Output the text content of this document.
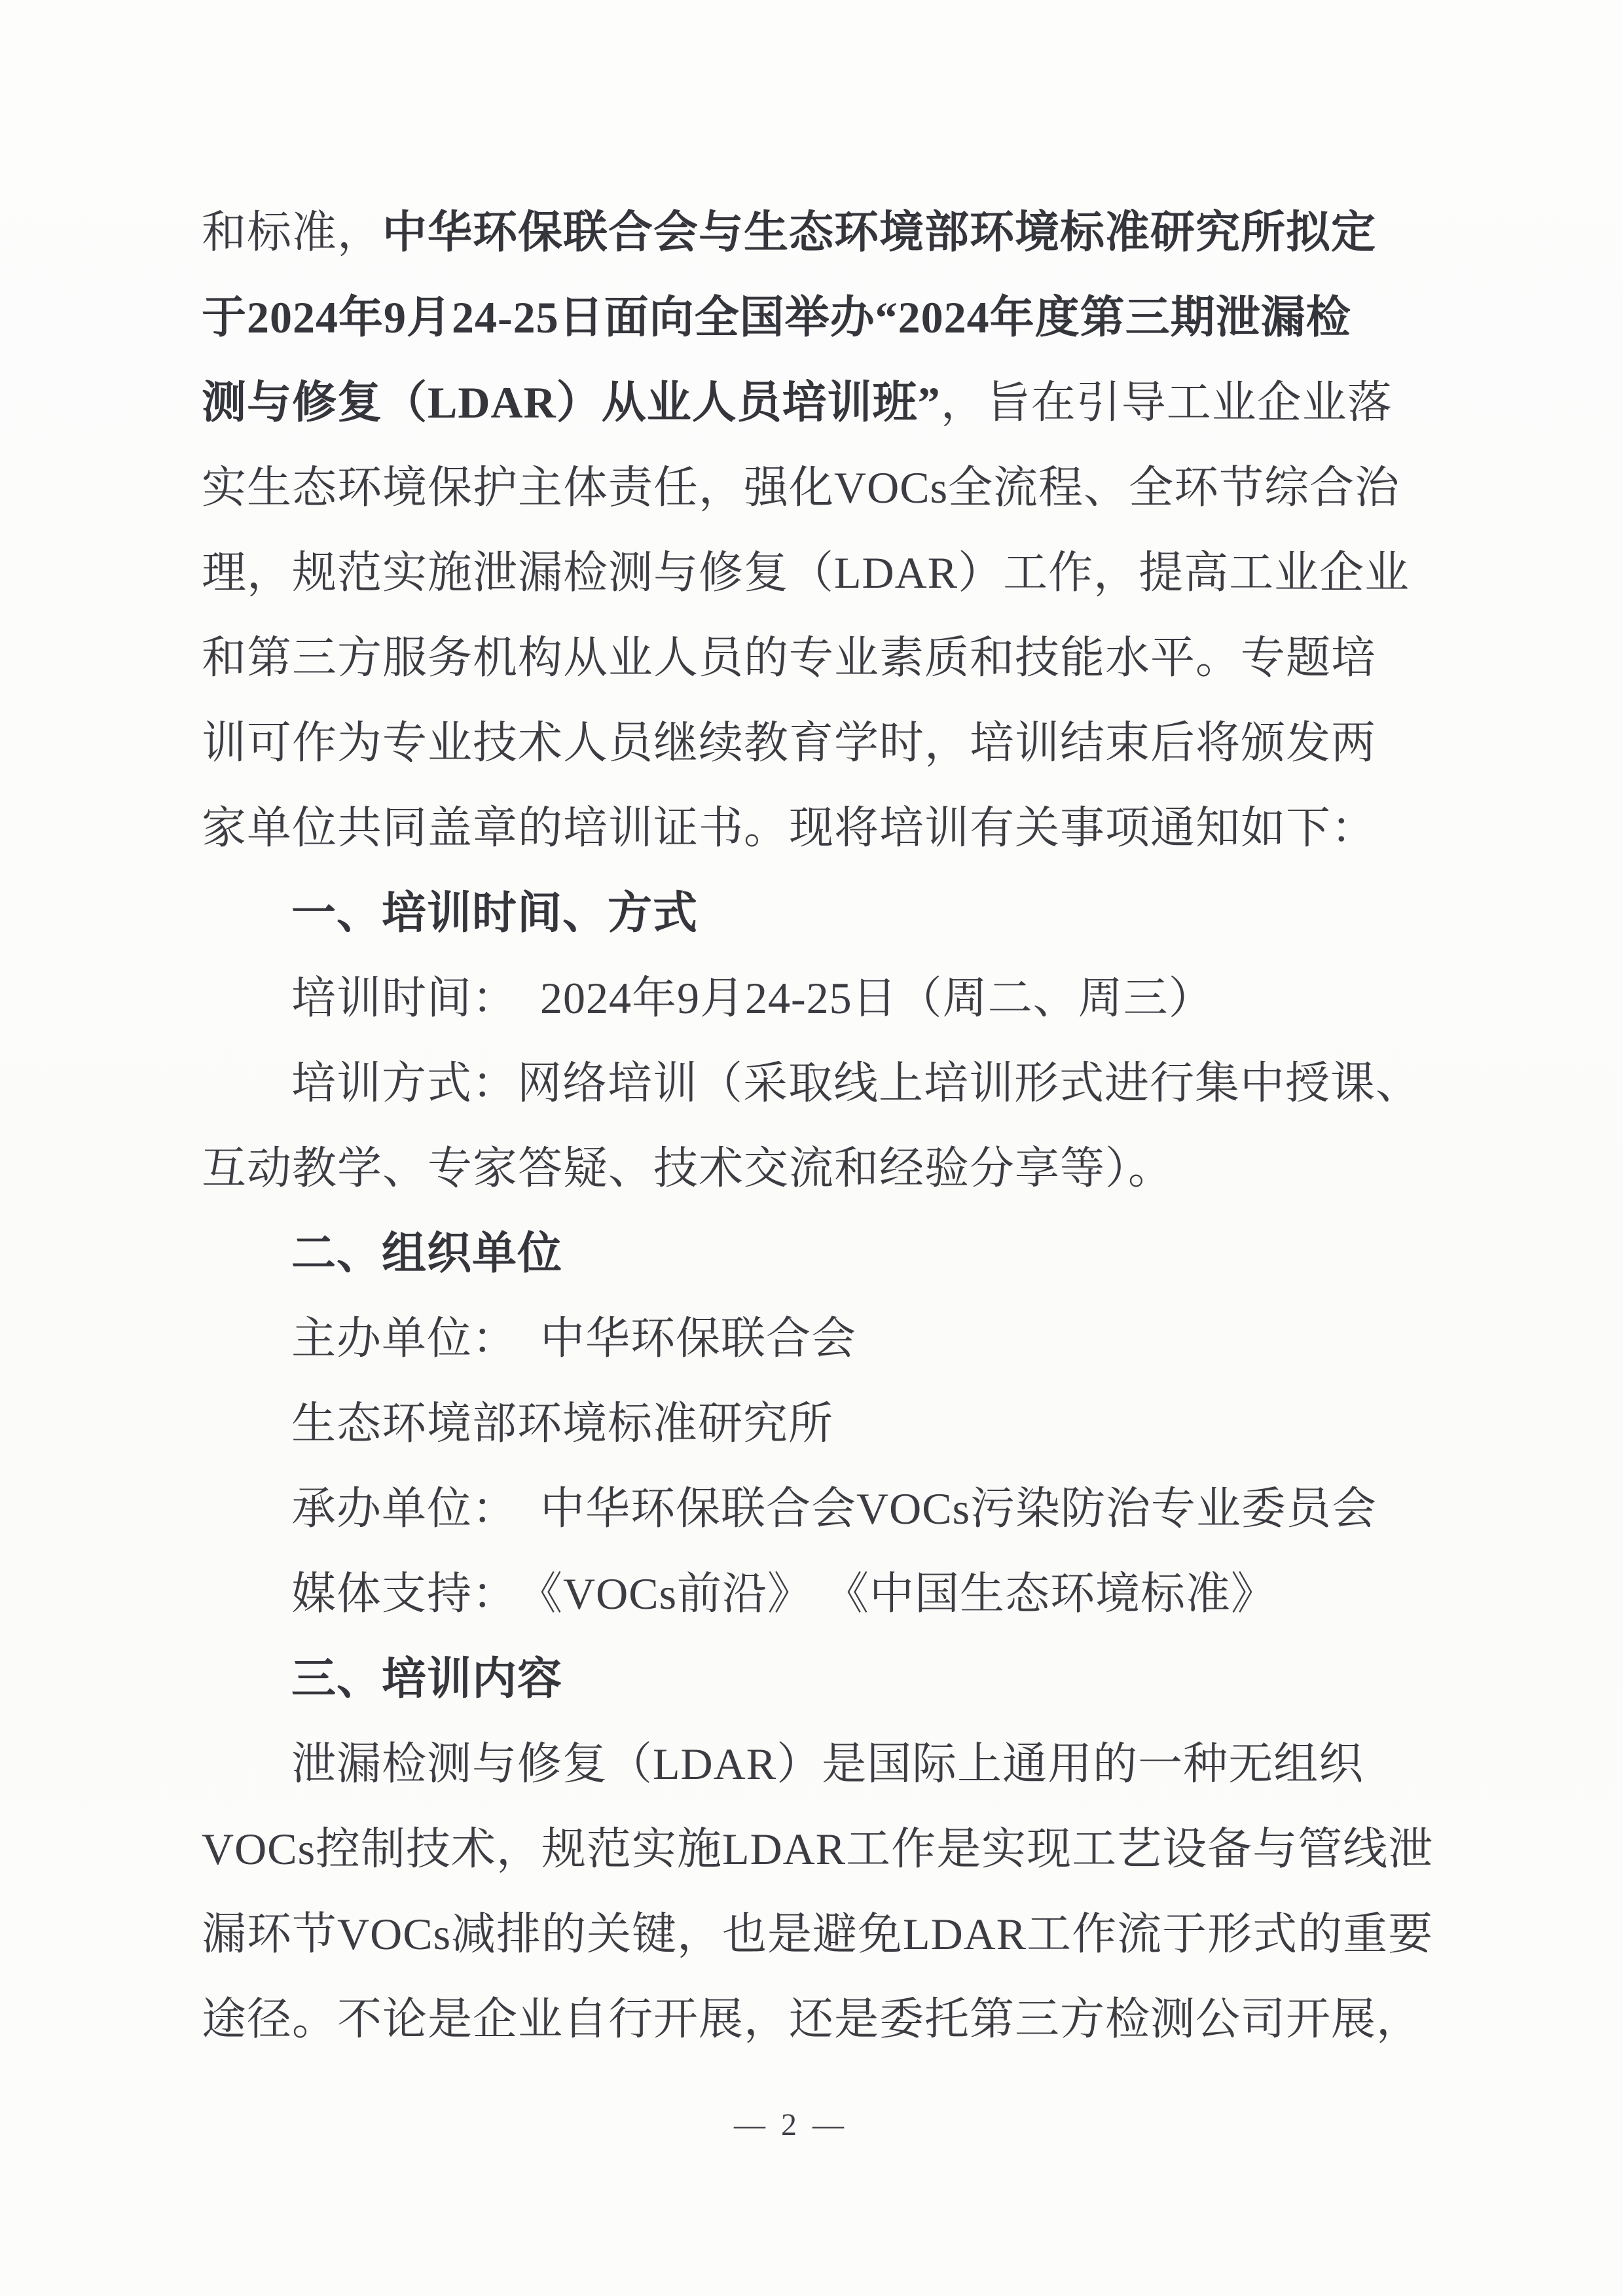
和标准，中华环保联合会与生态环境部环境标准研究所拟定
于2024年9月24-25日面向全国举办“2024年度第三期泄漏检
测与修复（LDAR）从业人员培训班”，旨在引导工业企业落
实生态环境保护主体责任，强化VOCs全流程、全环节综合治
理，规范实施泄漏检测与修复（LDAR）工作，提高工业企业
和第三方服务机构从业人员的专业素质和技能水平。专题培
训可作为专业技术人员继续教育学时，培训结束后将颁发两
家单位共同盖章的培训证书。现将培训有关事项通知如下：
一、培训时间、方式
培训时间：　2024年9月24-25日（周二、周三）
培训方式：网络培训（采取线上培训形式进行集中授课、
互动教学、专家答疑、技术交流和经验分享等）。
二、组织单位
主办单位：　中华环保联合会
生态环境部环境标准研究所
承办单位：　中华环保联合会VOCs污染防治专业委员会
媒体支持：　《VOCs前沿》 《中国生态环境标准》
三、培训内容
泄漏检测与修复（LDAR）是国际上通用的一种无组织
VOCs控制技术，规范实施LDAR工作是实现工艺设备与管线泄
漏环节VOCs减排的关键，也是避免LDAR工作流于形式的重要
途径。不论是企业自行开展，还是委托第三方检测公司开展，
— 2 —
